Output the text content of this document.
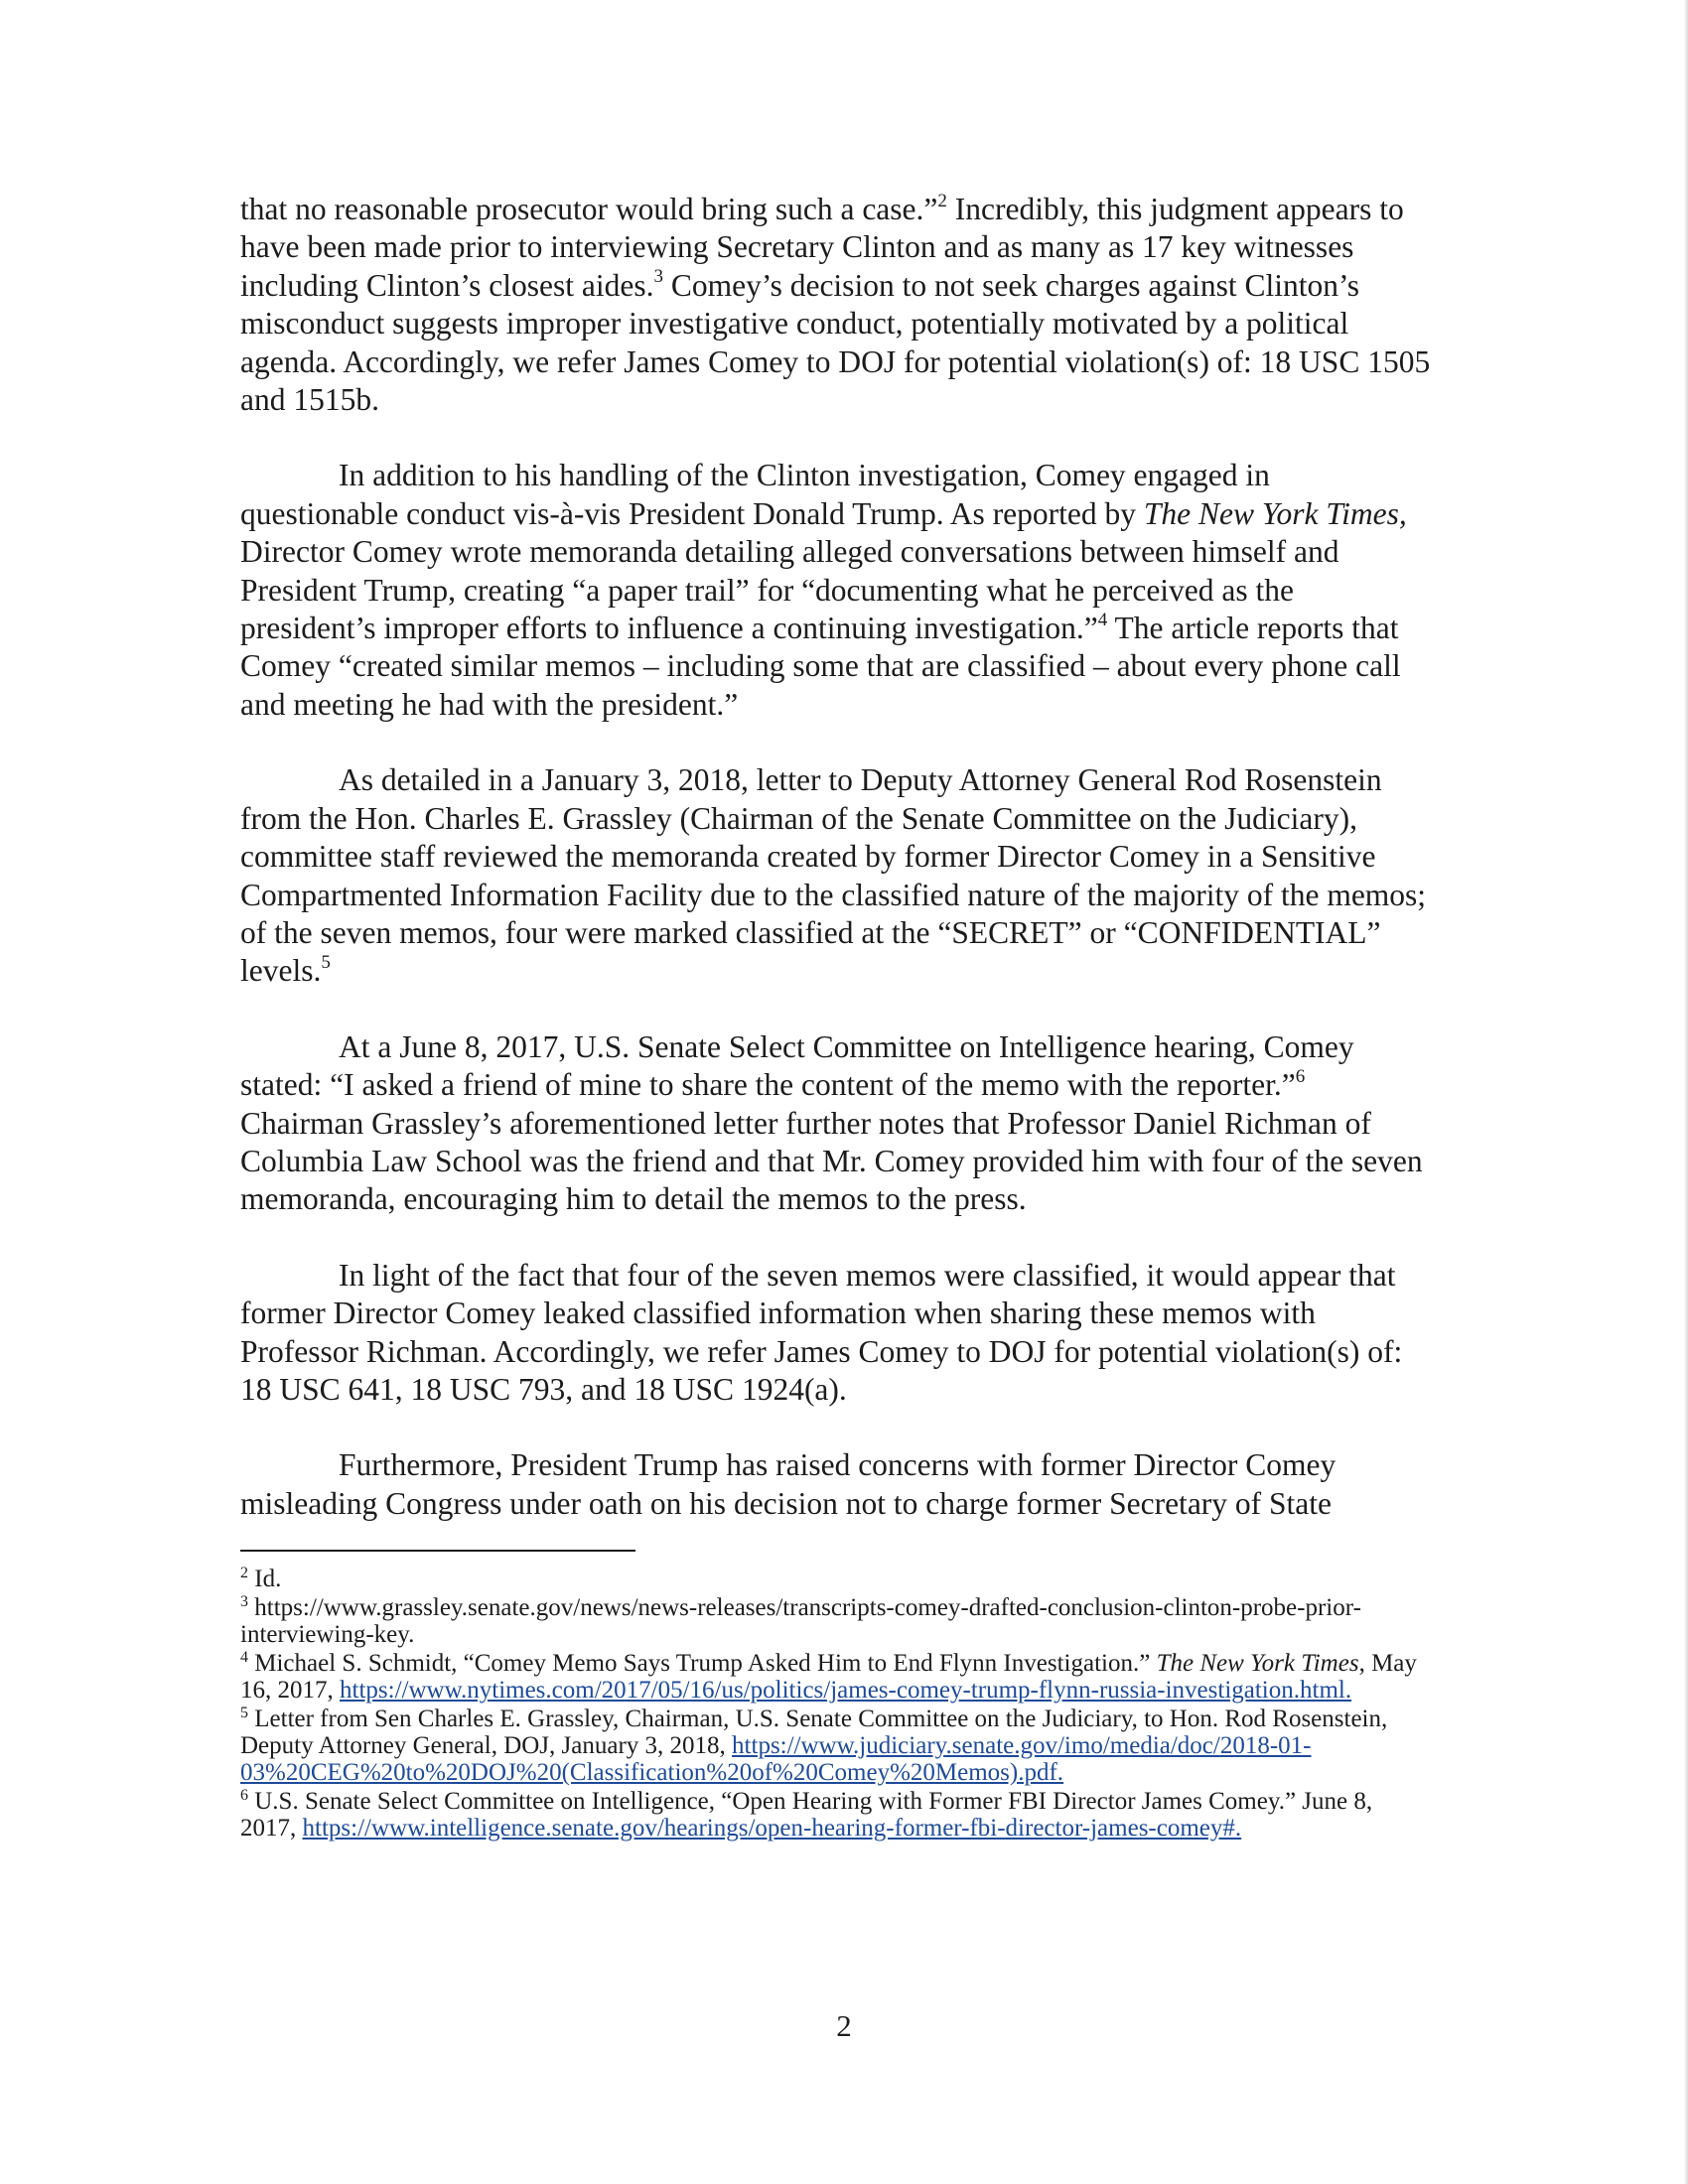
that no reasonable prosecutor would bring such a case.”$^2$ Incredibly, this judgment appears to have been made prior to interviewing Secretary Clinton and as many as 17 key witnesses including Clinton’s closest aides.$^3$ Comey’s decision to not seek charges against Clinton’s misconduct suggests improper investigative conduct, potentially motivated by a political agenda. Accordingly, we refer James Comey to DOJ for potential violation(s) of: 18 USC 1505 and 1515b.

In addition to his handling of the Clinton investigation, Comey engaged in questionable conduct vis-à-vis President Donald Trump. As reported by The New York Times, Director Comey wrote memoranda detailing alleged conversations between himself and President Trump, creating “a paper trail” for “documenting what he perceived as the president’s improper efforts to influence a continuing investigation.”$^4$ The article reports that Comey “created similar memos – including some that are classified – about every phone call and meeting he had with the president.”

As detailed in a January 3, 2018, letter to Deputy Attorney General Rod Rosenstein from the Hon. Charles E. Grassley (Chairman of the Senate Committee on the Judiciary), committee staff reviewed the memoranda created by former Director Comey in a Sensitive Compartmented Information Facility due to the classified nature of the majority of the memos; of the seven memos, four were marked classified at the “SECRET” or “CONFIDENTIAL” levels.$^5$

At a June 8, 2017, U.S. Senate Select Committee on Intelligence hearing, Comey stated: “I asked a friend of mine to share the content of the memo with the reporter.”$^6$ Chairman Grassley’s aforementioned letter further notes that Professor Daniel Richman of Columbia Law School was the friend and that Mr. Comey provided him with four of the seven memoranda, encouraging him to detail the memos to the press.

In light of the fact that four of the seven memos were classified, it would appear that former Director Comey leaked classified information when sharing these memos with Professor Richman. Accordingly, we refer James Comey to DOJ for potential violation(s) of: 18 USC 641, 18 USC 793, and 18 USC 1924(a).

Furthermore, President Trump has raised concerns with former Director Comey misleading Congress under oath on his decision not to charge former Secretary of State

$^2$ Id.

$^3$ https://www.grassley.senate.gov/news/news-releases/transcripts-comey-drafted-conclusion-clinton-probe-prior-interviewing-key.

$^4$ Michael S. Schmidt, “Comey Memo Says Trump Asked Him to End Flynn Investigation.” The New York Times, May 16, 2017, https://www.nytimes.com/2017/05/16/us/politics/james-comey-trump-flynn-russia-investigation.html.

$^5$ Letter from Sen Charles E. Grassley, Chairman, U.S. Senate Committee on the Judiciary, to Hon. Rod Rosenstein, Deputy Attorney General, DOJ, January 3, 2018, https://www.judiciary.senate.gov/imo/media/doc/2018-01-03%20CEG%20to%20DOJ%20(Classification%20of%20Comey%20Memos).pdf.

$^6$ U.S. Senate Select Committee on Intelligence, “Open Hearing with Former FBI Director James Comey.” June 8, 2017, https://www.intelligence.senate.gov/hearings/open-hearing-former-fbi-director-james-comey#.

2
